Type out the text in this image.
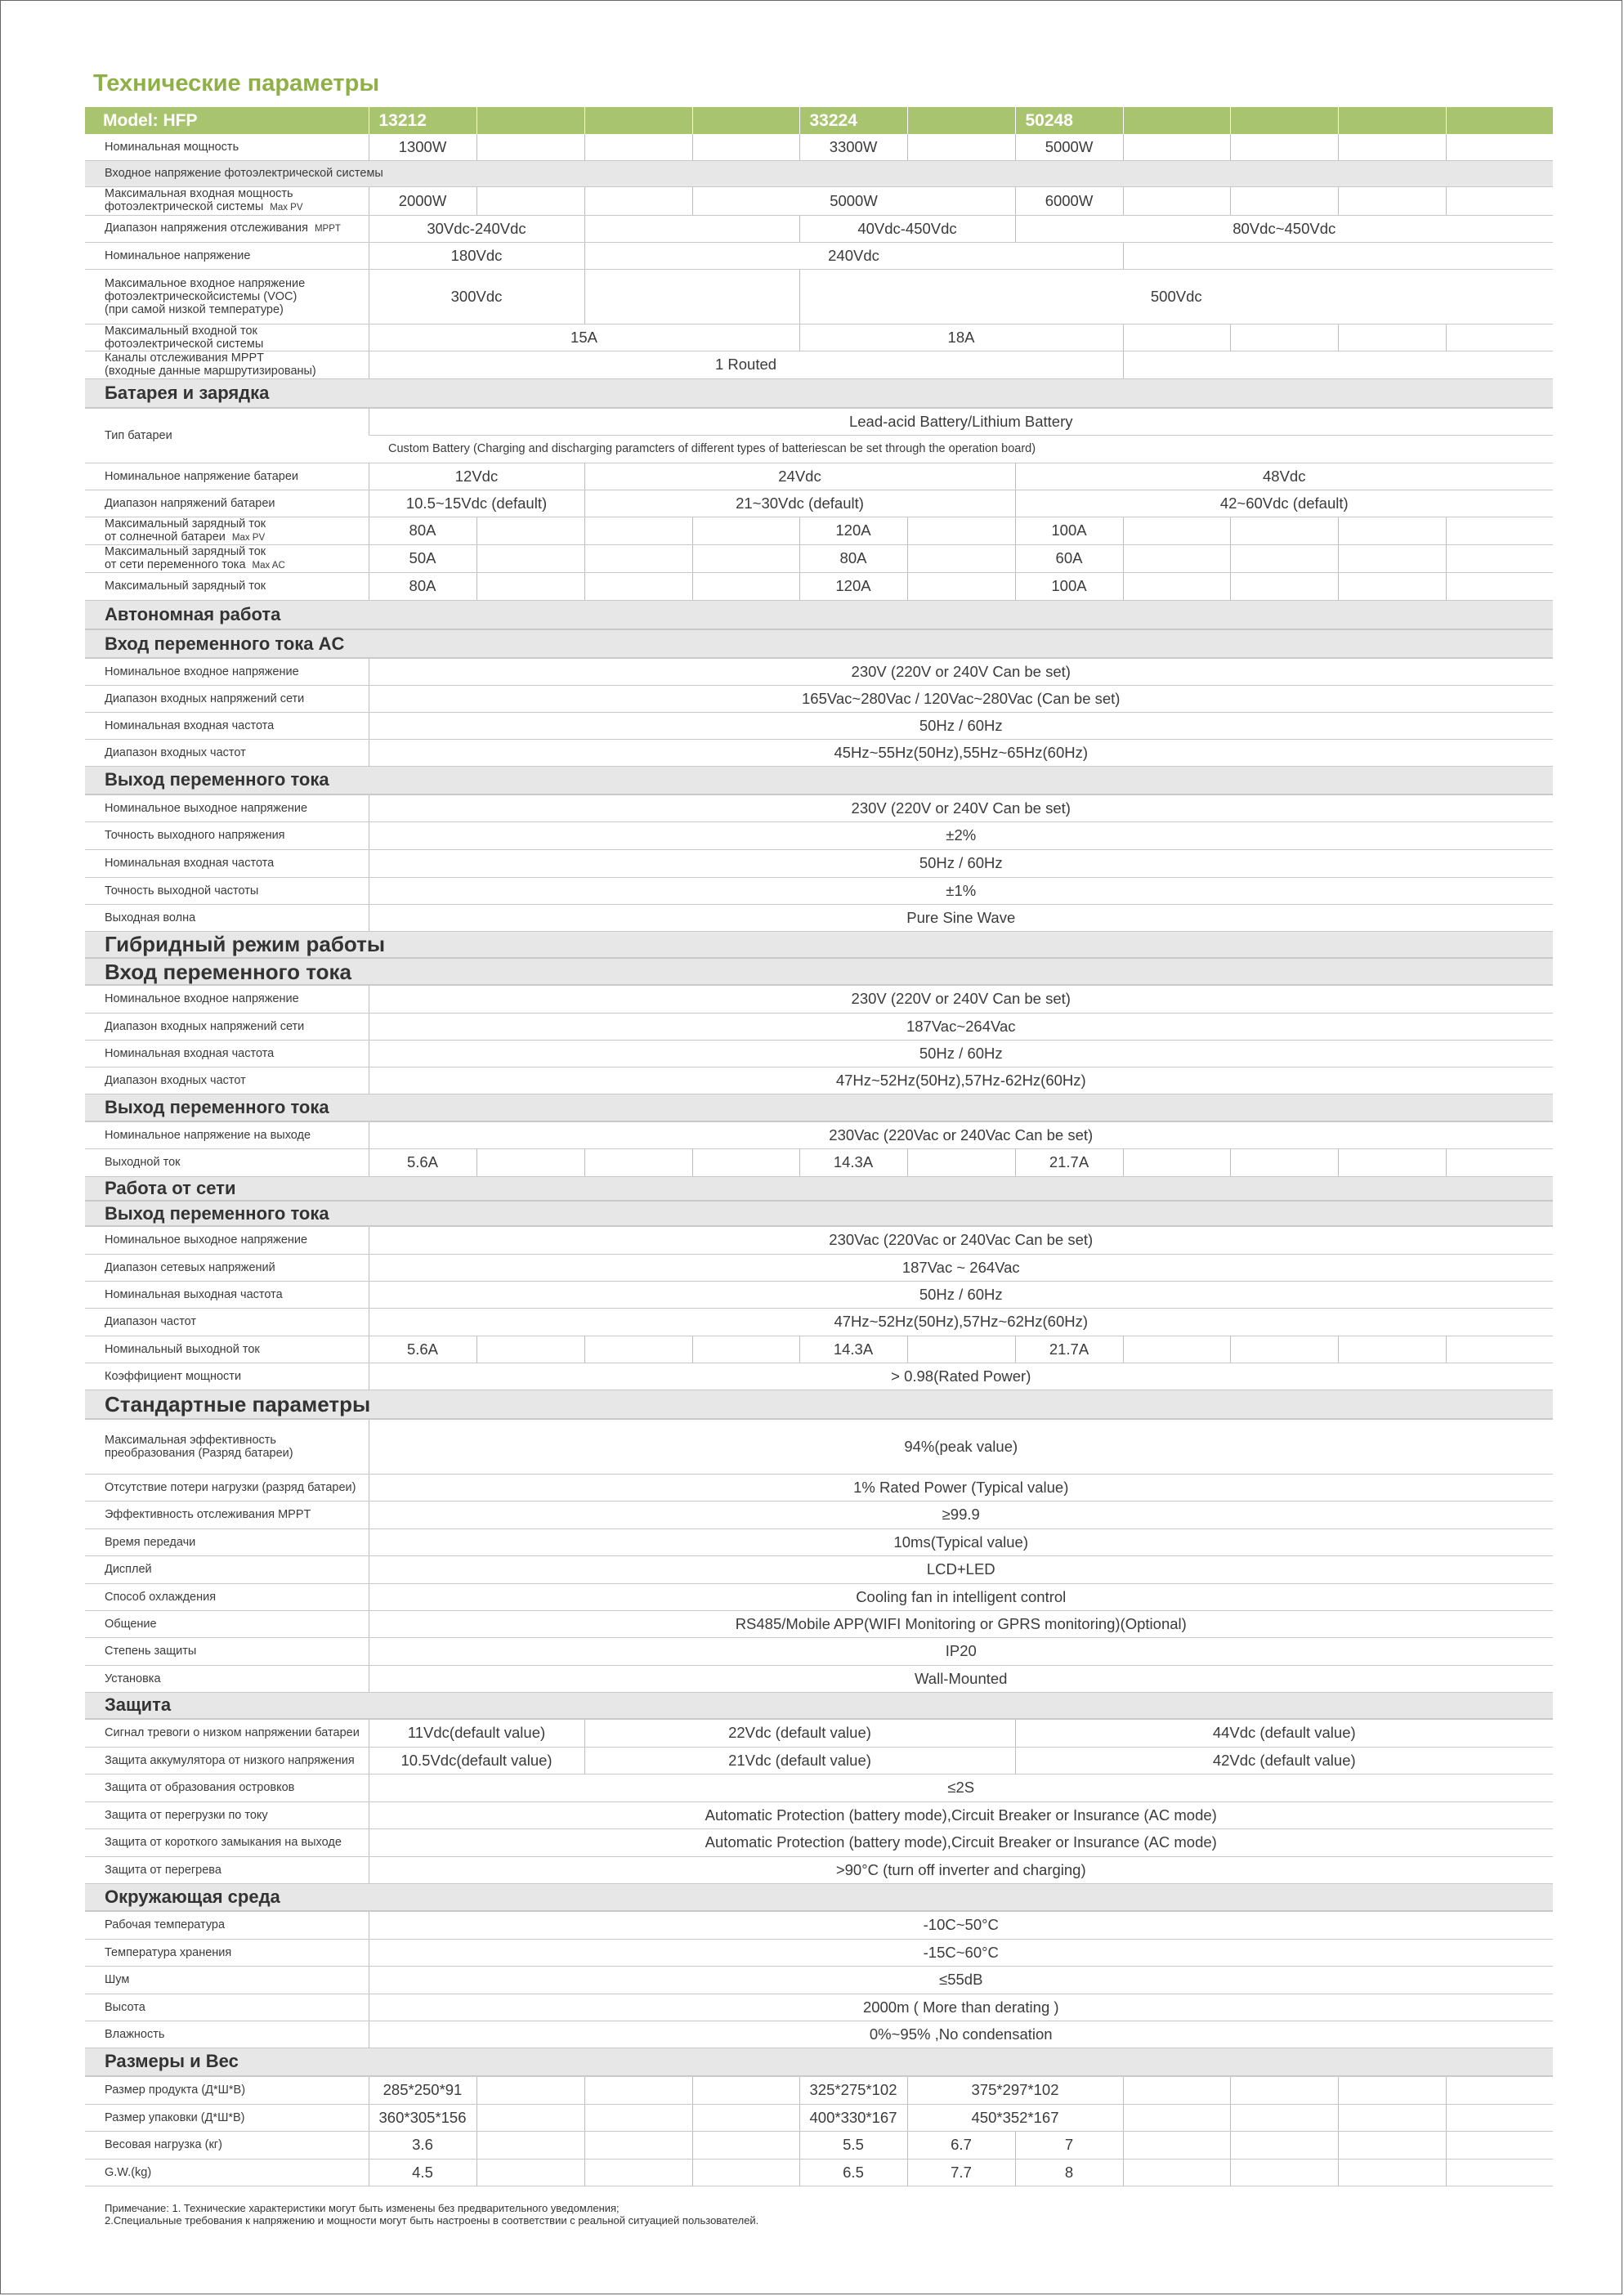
Технические параметры
Model: HFP	13212				33224		50248				
Номинальная мощность	1300W				3300W		5000W				
Входное напряжение фотоэлектрической системы											
Максимальная входная мощность
фотоэлектрической системы Max PV	2000W			5000W			6000W				
Диапазон напряжения отслеживания MPPT	30Vdc-240Vdc				40Vdc-450Vdc		80Vdc~450Vdc				
Номинальное напряжение	180Vdc		240Vdc								
Максимальное входное напряжение
фотоэлектрическойсистемы (VOC)
(при самой низкой температуре)	300Vdc				500Vdc						
Максимальный входной ток
фотоэлектрической системы	15A				18A						
Каналы отслеживания MPPT
(входные данные маршрутизированы)	1 Routed										
Батарея и зарядка											
Тип батареи	Lead-acid Battery/Lithium Battery										
	Custom Battery (Charging and discharging paramcters of different types of batteriescan be set through the operation board)										
Номинальное напряжение батареи	12Vdc		24Vdc				48Vdc				
Диапазон напряжений батареи	10.5~15Vdc (default)		21~30Vdc (default)				42~60Vdc (default)				
Максимальный зарядный ток
от солнечной батареи Max PV	80A				120A		100A				
Максимальный зарядный ток
от сети переменного тока Max AC	50A				80A		60A				
Максимальный зарядный ток	80A				120A		100A				
Автономная работа											
Вход переменного тока AC											
Номинальное входное напряжение	230V (220V or 240V Can be set)										
Диапазон входных напряжений сети	165Vac~280Vac / 120Vac~280Vac (Can be set)										
Номинальная входная частота	50Hz / 60Hz										
Диапазон входных частот	45Hz~55Hz(50Hz),55Hz~65Hz(60Hz)										
Выход переменного тока											
Номинальное выходное напряжение	230V (220V or 240V Can be set)										
Точность выходного напряжения	±2%										
Номинальная входная частота	50Hz / 60Hz										
Точность выходной частоты	±1%										
Выходная волна	Pure Sine Wave										
Гибридный режим работы											
Вход переменного тока											
Номинальное входное напряжение	230V (220V or 240V Can be set)										
Диапазон входных напряжений сети	187Vac~264Vac										
Номинальная входная частота	50Hz / 60Hz										
Диапазон входных частот	47Hz~52Hz(50Hz),57Hz-62Hz(60Hz)										
Выход переменного тока											
Номинальное напряжение на выходе	230Vac (220Vac or 240Vac Can be set)										
Выходной ток	5.6A				14.3A		21.7A				
Работа от сети											
Выход переменного тока											
Номинальное выходное напряжение	230Vac (220Vac or 240Vac Can be set)										
Диапазон сетевых напряжений	187Vac ~ 264Vac										
Номинальная выходная частота	50Hz / 60Hz										
Диапазон частот	47Hz~52Hz(50Hz),57Hz~62Hz(60Hz)										
Номинальный выходной ток	5.6A				14.3A		21.7A				
Коэффициент мощности	> 0.98(Rated Power)										
Стандартные параметры											
Максимальная эффективность
преобразования (Разряд батареи)	94%(peak value)										
Отсутствие потери нагрузки (разряд батареи)	1% Rated Power (Typical value)										
Эффективность отслеживания MPPT	≥99.9										
Время передачи	10ms(Typical value)										
Дисплей	LCD+LED										
Способ охлаждения	Cooling fan in intelligent control										
Общение	RS485/Mobile APP(WIFI Monitoring or GPRS monitoring)(Optional)										
Степень защиты	IP20										
Установка	Wall-Mounted										
Защита											
Сигнал тревоги о низком напряжении батареи	11Vdc(default value)		22Vdc (default value)				44Vdc (default value)				
Защита аккумулятора от низкого напряжения	10.5Vdc(default value)		21Vdc (default value)				42Vdc (default value)				
Защита от образования островков	≤2S										
Защита от перегрузки по току	Automatic Protection (battery mode),Circuit Breaker or Insurance (AC mode)										
Защита от короткого замыкания на выходе	Automatic Protection (battery mode),Circuit Breaker or Insurance (AC mode)										
Защита от перегрева	>90°C (turn off inverter and charging)										
Окружающая среда											
Рабочая температура	-10C~50°C										
Температура хранения	-15C~60°C										
Шум	≤55dB										
Высота	2000m ( More than derating )										
Влажность	0%~95% ,No condensation										
Размеры и Вес											
Размер продукта (Д*Ш*В)	285*250*91				325*275*102	375*297*102					
Размер упаковки (Д*Ш*В)	360*305*156				400*330*167	450*352*167					
Весовая нагрузка (кг)	3.6				5.5	6.7	7				
G.W.(kg)	4.5				6.5	7.7	8				
Примечание: 1. Технические характеристики могут быть изменены без предварительного уведомления;
2.Специальные требования к напряжению и мощности могут быть настроены в соответствии с реальной ситуацией пользователей.
